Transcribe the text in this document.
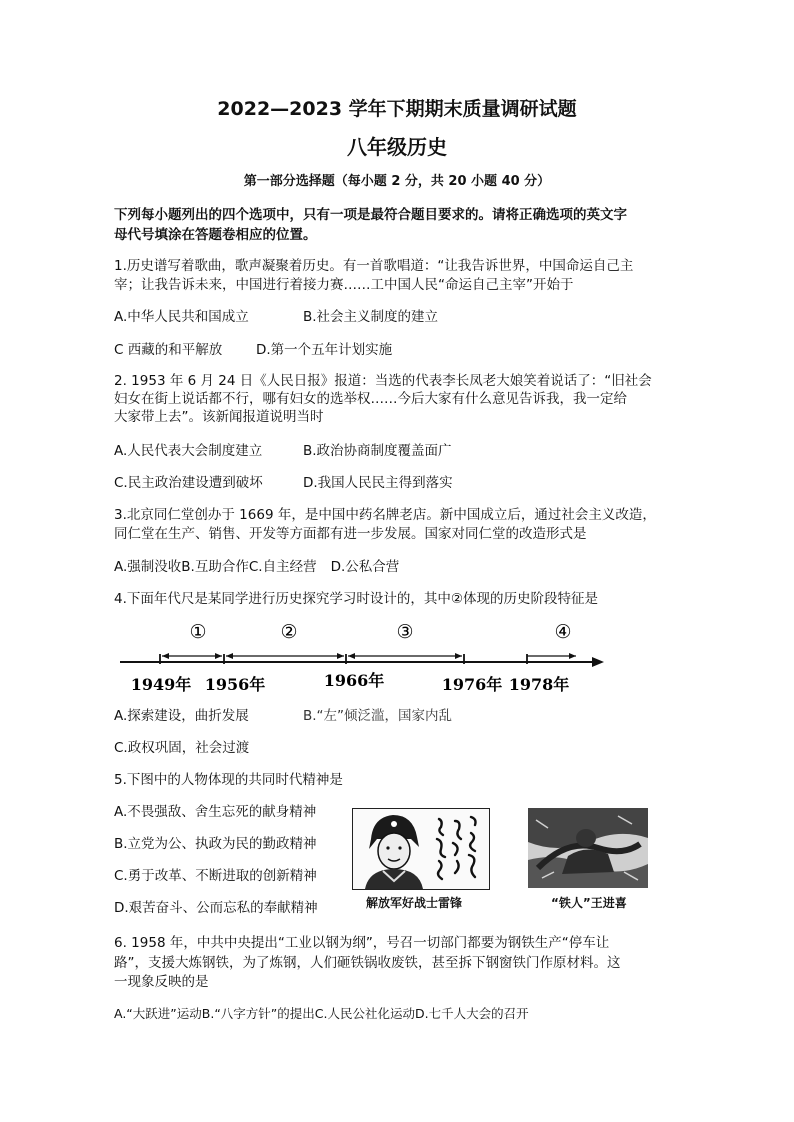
2022—2023 学年下期期末质量调研试题
八年级历史
第一部分选择题（每小题 2 分，共 20 小题 40 分）
下列每小题列出的四个选项中，只有一项是最符合题目要求的。请将正确选项的英文字
母代号填涂在答题卷相应的位置。
1.历史谱写着歌曲，歌声凝聚着历史。有一首歌唱道：“让我告诉世界，中国命运自己主
宰；让我告诉未来，中国进行着接力赛……工中国人民“命运自己主宰”开始于
A.中华人民共和国成立	B.社会主义制度的建立
C 西藏的和平解放	D.第一个五年计划实施
2. 1953 年 6 月 24 日《人民日报》报道：当选的代表李长凤老大娘笑着说话了：“旧社会
妇女在街上说话都不行，哪有妇女的选举权……今后大家有什么意见告诉我，我一定给
大家带上去”。该新闻报道说明当时
A.人民代表大会制度建立	B.政治协商制度覆盖面广
C.民主政治建设遭到破坏	D.我国人民民主得到落实
3.北京同仁堂创办于 1669 年，是中国中药名牌老店。新中国成立后，通过社会主义改造，
同仁堂在生产、销售、开发等方面都有进一步发展。国家对同仁堂的改造形式是
A.强制没收B.互助合作C.自主经营 D.公私合营
4.下面年代尺是某同学进行历史探究学习时设计的，其中②体现的历史阶段特征是
①	②	③	④
1949年 1956年	1966年	1976年 1978年
A.探索建设，曲折发展	B.“左”倾泛滥，国家内乱
C.政权巩固，社会过渡
5.下图中的人物体现的共同时代精神是
A.不畏强敌、舍生忘死的献身精神
B.立党为公、执政为民的勤政精神
C.勇于改革、不断进取的创新精神
D.艰苦奋斗、公而忘私的奉献精神
向雷锋同志学习 毛泽东
解放军好战士雷锋	“铁人”王进喜
6. 1958 年，中共中央提出“工业以钢为纲”，号召一切部门都要为钢铁生产“停车让
路”，支援大炼钢铁，为了炼钢，人们砸铁锅收废铁，甚至拆下钢窗铁门作原材料。这
一现象反映的是
A.“大跃进”运动B.“八字方针”的提出C.人民公社化运动D.七千人大会的召开
